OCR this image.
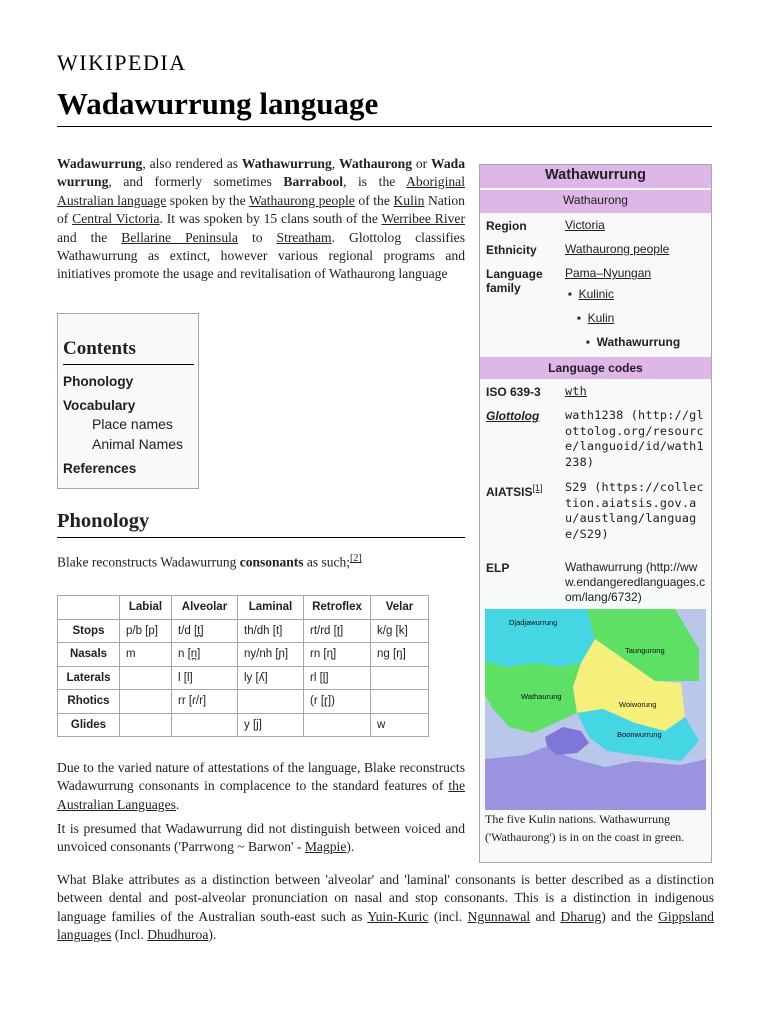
WIKIPEDIA
Wadawurrung language

Wadawurrung, also rendered as Wathawurrung, Wathaurong or Wada wurrung, and formerly sometimes Barrabool, is the Aboriginal Australian language spoken by the Wathaurong people of the Kulin Nation of Central Victoria. It was spoken by 15 clans south of the Werribee River and the Bellarine Peninsula to Streatham. Glottolog classifies Wathawurrung as extinct, however various regional programs and initiatives promote the usage and revitalisation of Wathaurong language

Contents
Phonology
Vocabulary
Place names
Animal Names
References
Phonology

Blake reconstructs Wadawurrung consonants as such;[2]

	Labial	Alveolar	Laminal	Retroflex	Velar
Stops	p/b [p]	t/d [t̪]	th/dh [t]	rt/rd [ʈ]	k/g [k]
Nasals	m	n [n̪]	ny/nh [ɲ]	rn [ɳ]	ng [ŋ]
Laterals		l [l]	ly [ʎ]	rl [ɭ]	
Rhotics		rr [ɾ/r]		(r [ɽ])	
Glides			y [j]		w

Due to the varied nature of attestations of the language, Blake reconstructs Wadawurrung consonants in complacence to the standard features of the Australian Languages.

It is presumed that Wadawurrung did not distinguish between voiced and unvoiced consonants ('Parrwong ~ Barwon' - Magpie).

What Blake attributes as a distinction between 'alveolar' and 'laminal' consonants is better described as a distinction between dental and post-alveolar pronunciation on nasal and stop consonants. This is a distinction in indigenous language families of the Australian south-east such as Yuin-Kuric (incl. Ngunnawal and Dharug) and the Gippsland languages (Incl. Dhudhuroa).

Wathawurrung
Wathaurong
Region	Victoria
Ethnicity	Wathaurong people
Language family
Pama–Nyungan
■ Kulinic
■ Kulin
■ Wathawurrung
Language codes
ISO 639-3	wth
Glottolog	wath1238 (http://glottolog.org/resource/languoid/id/wath1238)
AIATSIS[1]	S29 (https://collection.aiatsis.gov.au/austlang/language/S29)
ELP	Wathawurrung (http://www.endangeredlanguages.com/lang/6732)
Djadjawurrung
Taungurong
Wathaurung
Woiworung
Boonwurrung
The five Kulin nations. Wathawurrung ('Wathaurong') is in on the coast in green.
